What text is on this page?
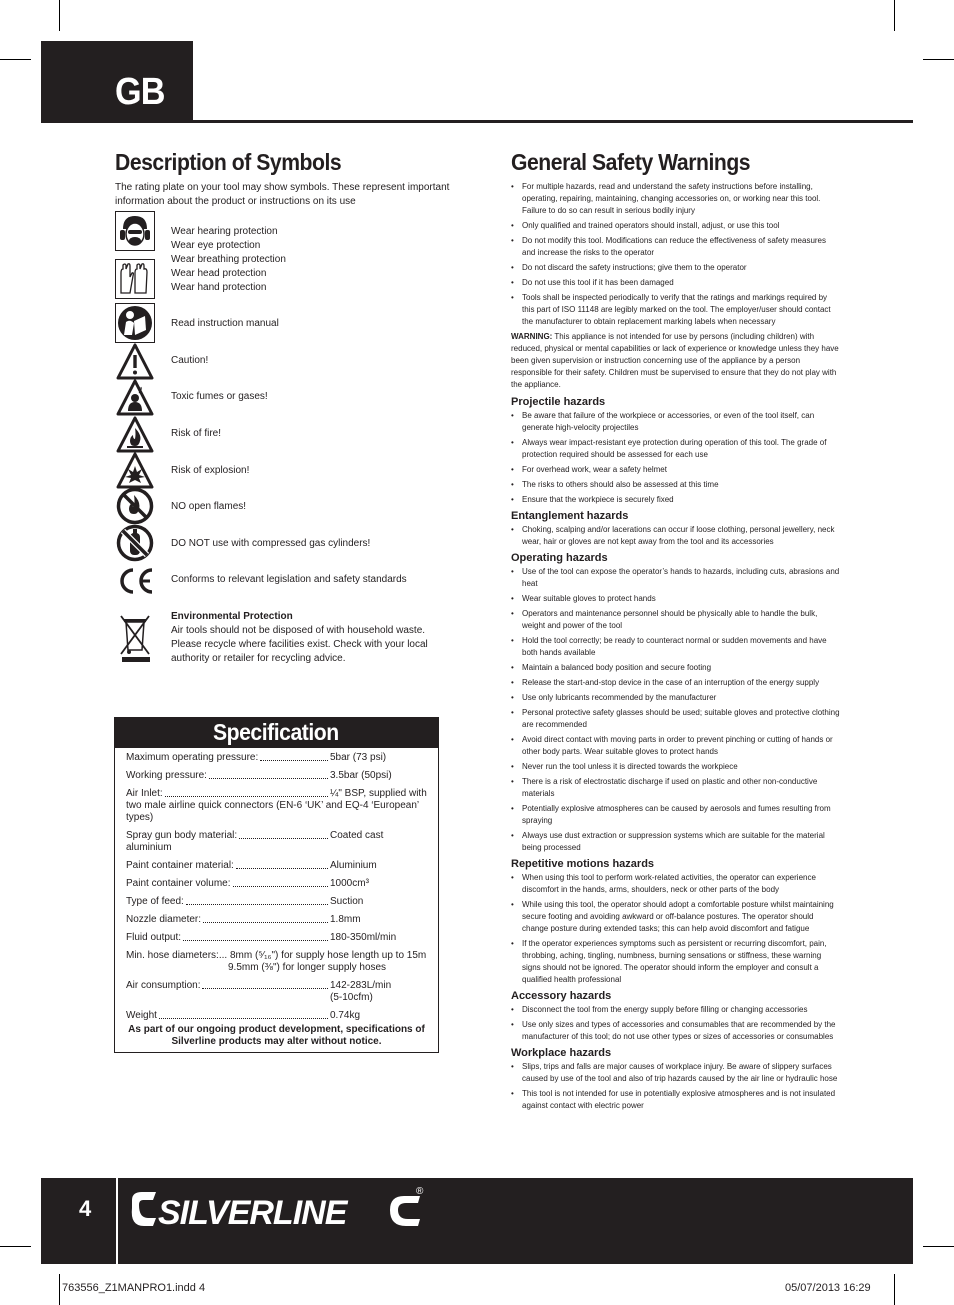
GB
Description of Symbols
The rating plate on your tool may show symbols. These represent important information about the product or instructions on its use
Wear hearing protection
Wear eye protection
Wear breathing protection
Wear head protection
Wear hand protection
Read instruction manual
Caution!
Toxic fumes or gases!
Risk of fire!
Risk of explosion!
NO open flames!
DO NOT use with compressed gas cylinders!
Conforms to relevant legislation and safety standards
Environmental Protection
Air tools should not be disposed of with household waste.
Please recycle where facilities exist. Check with your local
authority or retailer for recycling advice.
Specification
Maximum operating pressure:	5bar (73 psi)
Working pressure:	3.5bar (50psi)
Air Inlet:	¼" BSP, supplied with
two male airline quick connectors (EN-6 ‘UK’ and EQ-4 ‘European’ types)
Spray gun body material:	Coated cast
aluminium
Paint container material:	Aluminium
Paint container volume:	1000cm³
Type of feed:	Suction
Nozzle diameter:	1.8mm
Fluid output:	180-350ml/min
Min. hose diameters:... 8mm (⁵⁄₁₆") for supply hose length up to 15m
9.5mm (⅜") for longer supply hoses
Air consumption:	142-283L/min
(5-10cfm)
Weight	0.74kg
As part of our ongoing product development, specifications of Silverline products may alter without notice.
General Safety Warnings
• For multiple hazards, read and understand the safety instructions before installing, operating, repairing, maintaining, changing accessories on, or working near this tool. Failure to do so can result in serious bodily injury
• Only qualified and trained operators should install, adjust, or use this tool
• Do not modify this tool. Modifications can reduce the effectiveness of safety measures and increase the risks to the operator
• Do not discard the safety instructions; give them to the operator
• Do not use this tool if it has been damaged
• Tools shall be inspected periodically to verify that the ratings and markings required by this part of ISO 11148 are legibly marked on the tool. The employer/user should contact the manufacturer to obtain replacement marking labels when necessary
WARNING: This appliance is not intended for use by persons (including children) with reduced, physical or mental capabilities or lack of experience or knowledge unless they have been given supervision or instruction concerning use of the appliance by a person responsible for their safety. Children must be supervised to ensure that they do not play with the appliance.
Projectile hazards
• Be aware that failure of the workpiece or accessories, or even of the tool itself, can generate high-velocity projectiles
• Always wear impact-resistant eye protection during operation of this tool. The grade of protection required should be assessed for each use
• For overhead work, wear a safety helmet
• The risks to others should also be assessed at this time
• Ensure that the workpiece is securely fixed
Entanglement hazards
• Choking, scalping and/or lacerations can occur if loose clothing, personal jewellery, neck wear, hair or gloves are not kept away from the tool and its accessories
Operating hazards
• Use of the tool can expose the operator’s hands to hazards, including cuts, abrasions and heat
• Wear suitable gloves to protect hands
• Operators and maintenance personnel should be physically able to handle the bulk, weight and power of the tool
• Hold the tool correctly; be ready to counteract normal or sudden movements and have both hands available
• Maintain a balanced body position and secure footing
• Release the start-and-stop device in the case of an interruption of the energy supply
• Use only lubricants recommended by the manufacturer
• Personal protective safety glasses should be used; suitable gloves and protective clothing are recommended
• Avoid direct contact with moving parts in order to prevent pinching or cutting of hands or other body parts. Wear suitable gloves to protect hands
• Never run the tool unless it is directed towards the workpiece
• There is a risk of electrostatic discharge if used on plastic and other non-conductive materials
• Potentially explosive atmospheres can be caused by aerosols and fumes resulting from spraying
• Always use dust extraction or suppression systems which are suitable for the material being processed
Repetitive motions hazards
• When using this tool to perform work-related activities, the operator can experience discomfort in the hands, arms, shoulders, neck or other parts of the body
• While using this tool, the operator should adopt a comfortable posture whilst maintaining secure footing and avoiding awkward or off-balance postures. The operator should change posture during extended tasks; this can help avoid discomfort and fatigue
• If the operator experiences symptoms such as persistent or recurring discomfort, pain, throbbing, aching, tingling, numbness, burning sensations or stiffness, these warning signs should not be ignored. The operator should inform the employer and consult a qualified health professional
Accessory hazards
• Disconnect the tool from the energy supply before filling or changing accessories
• Use only sizes and types of accessories and consumables that are recommended by the manufacturer of this tool; do not use other types or sizes of accessories or consumables
Workplace hazards
• Slips, trips and falls are major causes of workplace injury. Be aware of slippery surfaces caused by use of the tool and also of trip hazards caused by the air line or hydraulic hose
• This tool is not intended for use in potentially explosive atmospheres and is not insulated against contact with electric power
4 SILVERLINE
®
763556_Z1MANPRO1.indd 4	05/07/2013 16:29
